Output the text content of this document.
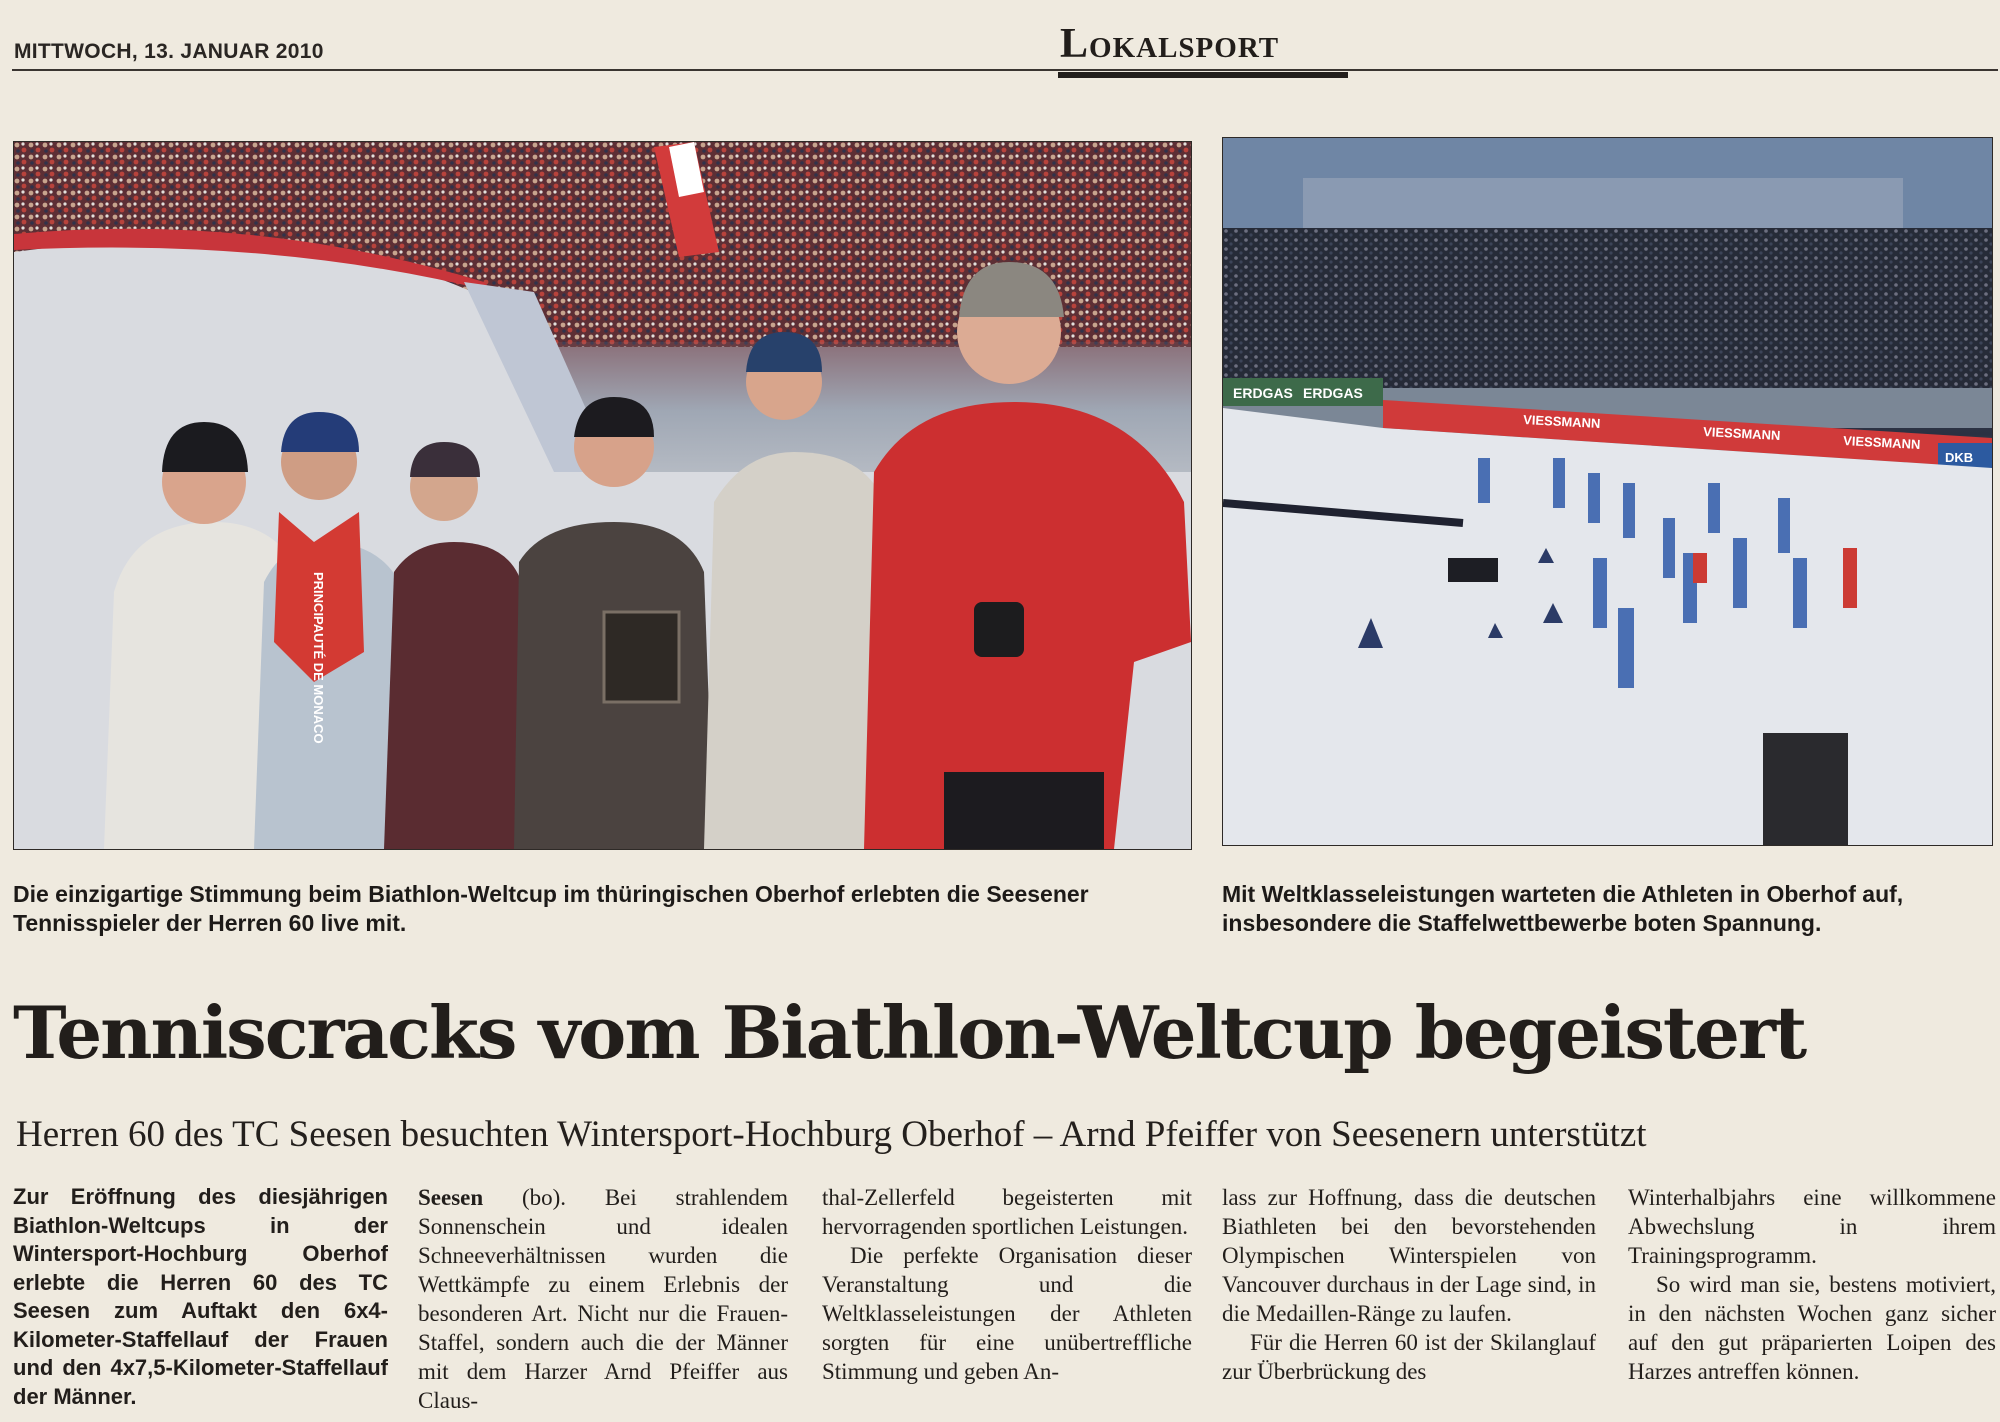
MITTWOCH, 13. JANUAR 2010	Lokalsport
PRINCIPAUTÉ DE MONACO
ERDGAS ERDGAS
VIESSMANN
VIESSMANN	VIESSMANN
DKB
Die einzigartige Stimmung beim Biathlon-Weltcup im thüringischen Oberhof erlebten die Seesener Tennisspieler der Herren 60 live mit.
Mit Weltklasseleistungen warteten die Athleten in Oberhof auf, insbesondere die Staffelwettbewerbe boten Spannung.
Tenniscracks vom Biathlon-Weltcup begeistert
Herren 60 des TC Seesen besuchten Wintersport-Hochburg Oberhof – Arnd Pfeiffer von Seesenern unterstützt

Zur Eröffnung des diesjährigen Biathlon-Weltcups in der Wintersport-Hochburg Oberhof erlebte die Herren 60 des TC Seesen zum Auftakt den 6x4-Kilometer-Staffellauf der Frauen und den 4x7,5-Kilometer-Staffellauf der Männer.

Seesen (bo). Bei strahlendem Sonnenschein und idealen Schneeverhältnissen wurden die Wettkämpfe zu einem Erlebnis der besonderen Art. Nicht nur die Frauen-Staffel, sondern auch die der Männer mit dem Harzer Arnd Pfeiffer aus Claus-

thal-Zellerfeld begeisterten mit hervorragenden sportlichen Leistungen.

Die perfekte Organisation dieser Veranstaltung und die Weltklasseleistungen der Athleten sorgten für eine unübertreffliche Stimmung und geben An-

lass zur Hoffnung, dass die deutschen Biathleten bei den bevorstehenden Olympischen Winterspielen von Vancouver durchaus in der Lage sind, in die Medaillen-Ränge zu laufen.

Für die Herren 60 ist der Skilanglauf zur Überbrückung des

Winterhalbjahrs eine willkommene Abwechslung in ihrem Trainingsprogramm.

So wird man sie, bestens motiviert, in den nächsten Wochen ganz sicher auf den gut präparierten Loipen des Harzes antreffen können.
